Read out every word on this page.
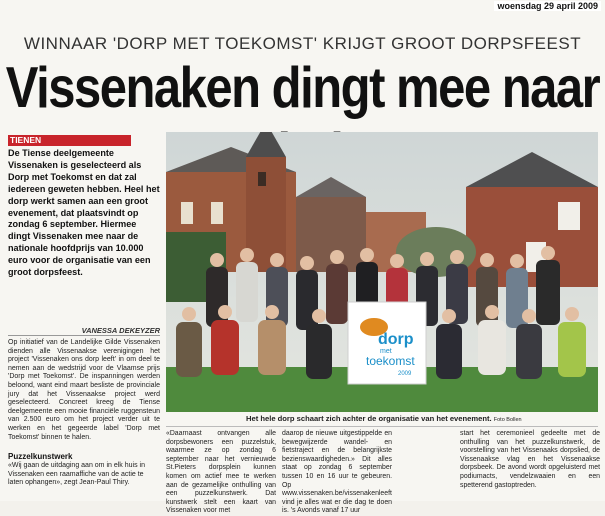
woensdag 29 april 2009
WINNAAR 'DORP MET TOEKOMST' KRIJGT GROOT DORPSFEEST
Vissenaken dingt mee naar
TIENEN
De Tiense deelgemeente Vissenaken is geselecteerd als Dorp met Toekomst en dat zal iedereen geweten hebben. Heel het dorp werkt samen aan een groot evenement, dat plaatsvindt op zondag 6 september. Hiermee dingt Vissenaken mee naar de nationale hoofdprijs van 10.000 euro voor de organisatie van een groot dorpsfeest.
VANESSA DEKEYZER
Op initiatief van de Landelijke Gilde Vissenaken dienden alle Vissenaakse verenigingen het project 'Vissenaken ons dorp leeft' in om deel te nemen aan de wedstrijd voor de Vlaamse prijs 'Dorp met Toekomst'. De inspanningen werden beloond, want eind maart besliste de provinciale jury dat het Vissenaakse project werd geselecteerd. Concreet kreeg de Tiense deelgemeente een mooie financiële ruggensteun van 2.500 euro om het project verder uit te werken en het gegeerde label 'Dorp met Toekomst' binnen te halen.
Puzzelkunstwerk
«Wij gaan de uitdaging aan om in elk huis in Vissenaken een raamaffiche van de actie te laten ophangen», zegt Jean-Paul Thiry.
dorp
met
toekomst
2009
Het hele dorp schaart zich achter de organisatie van het evenement. Foto Bollen
«Daarnaast ontvangen alle dorpsbewoners een puzzelstuk, waarmee ze op zondag 6 september naar het vernieuwde St.Pieters dorpsplein kunnen komen om actief mee te werken aan de gezamelijke onthulling van een puzzelkunstwerk. Dat kunstwerk stelt een kaart van Vissenaken voor met
daarop de nieuwe uitgestippelde en bewegwijzerde wandel- en fietstraject en de belangrijkste bezienswaardigheden.» Dit alles staat op zondag 6 september tussen 10 en 16 uur te gebeuren. Op www.vissenaken.be/vissenakenleeft vind je alles wat er die dag te doen is. 's Avonds vanaf 17 uur
start het ceremonieel gedeelte met de onthulling van het puzzelkunstwerk, de voorstelling van het Vissenaaks dorpslied, de Vissenaakse vlag en het Vissenaakse dorpsbeek. De avond wordt opgeluisterd met podiumacts, vendelzwaaien en een spetterend gastoptreden.
